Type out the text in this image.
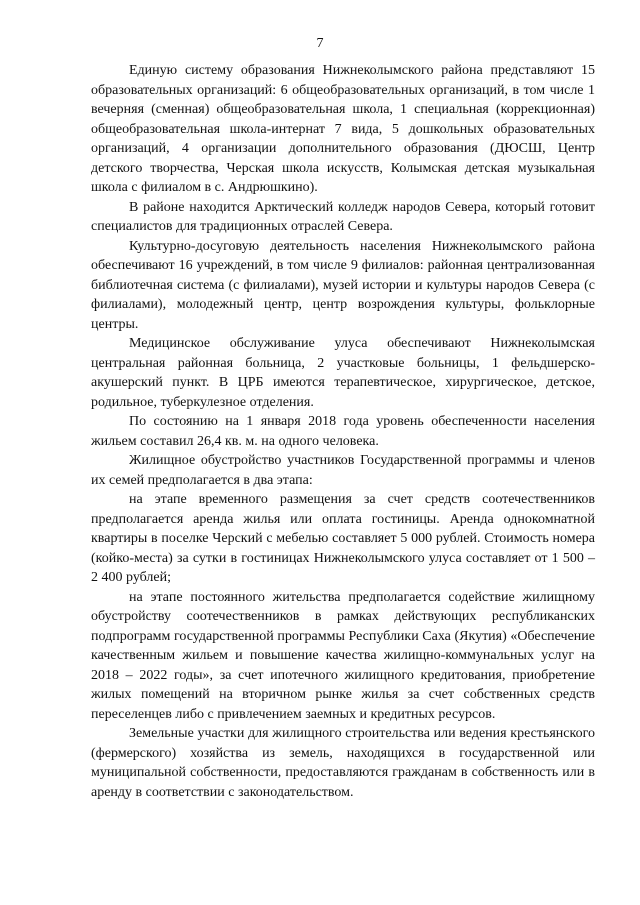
7

Единую систему образования Нижнеколымского района представляют 15 образовательных организаций: 6 общеобразовательных организаций, в том числе 1 вечерняя (сменная) общеобразовательная школа, 1 специальная (коррекционная) общеобразовательная школа-интернат 7 вида, 5 дошкольных образовательных организаций, 4 организации дополнительного образования (ДЮСШ, Центр детского творчества, Черская школа искусств, Колымская детская музыкальная школа с филиалом в с. Андрюшкино).

В районе находится Арктический колледж народов Севера, который готовит специалистов для традиционных отраслей Севера.

Культурно-досуговую деятельность населения Нижнеколымского района обеспечивают 16 учреждений, в том числе 9 филиалов: районная централизованная библиотечная система (с филиалами), музей истории и культуры народов Севера (с филиалами), молодежный центр, центр возрождения культуры, фольклорные центры.

Медицинское обслуживание улуса обеспечивают Нижнеколымская центральная районная больница, 2 участковые больницы, 1 фельдшерско-акушерский пункт. В ЦРБ имеются терапевтическое, хирургическое, детское, родильное, туберкулезное отделения.

По состоянию на 1 января 2018 года уровень обеспеченности населения жильем составил 26,4 кв. м. на одного человека.

Жилищное обустройство участников Государственной программы и членов их семей предполагается в два этапа:

на этапе временного размещения за счет средств соотечественников предполагается аренда жилья или оплата гостиницы. Аренда однокомнатной квартиры в поселке Черский с мебелью составляет 5 000 рублей. Стоимость номера (койко-места) за сутки в гостиницах Нижнеколымского улуса составляет от 1 500 – 2 400 рублей;

на этапе постоянного жительства предполагается содействие жилищному обустройству соотечественников в рамках действующих республиканских подпрограмм государственной программы Республики Саха (Якутия) «Обеспечение качественным жильем и повышение качества жилищно-коммунальных услуг на 2018 – 2022 годы», за счет ипотечного жилищного кредитования, приобретение жилых помещений на вторичном рынке жилья за счет собственных средств переселенцев либо с привлечением заемных и кредитных ресурсов.

Земельные участки для жилищного строительства или ведения крестьянского (фермерского) хозяйства из земель, находящихся в государственной или муниципальной собственности, предоставляются гражданам в собственность или в аренду в соответствии с законодательством.
